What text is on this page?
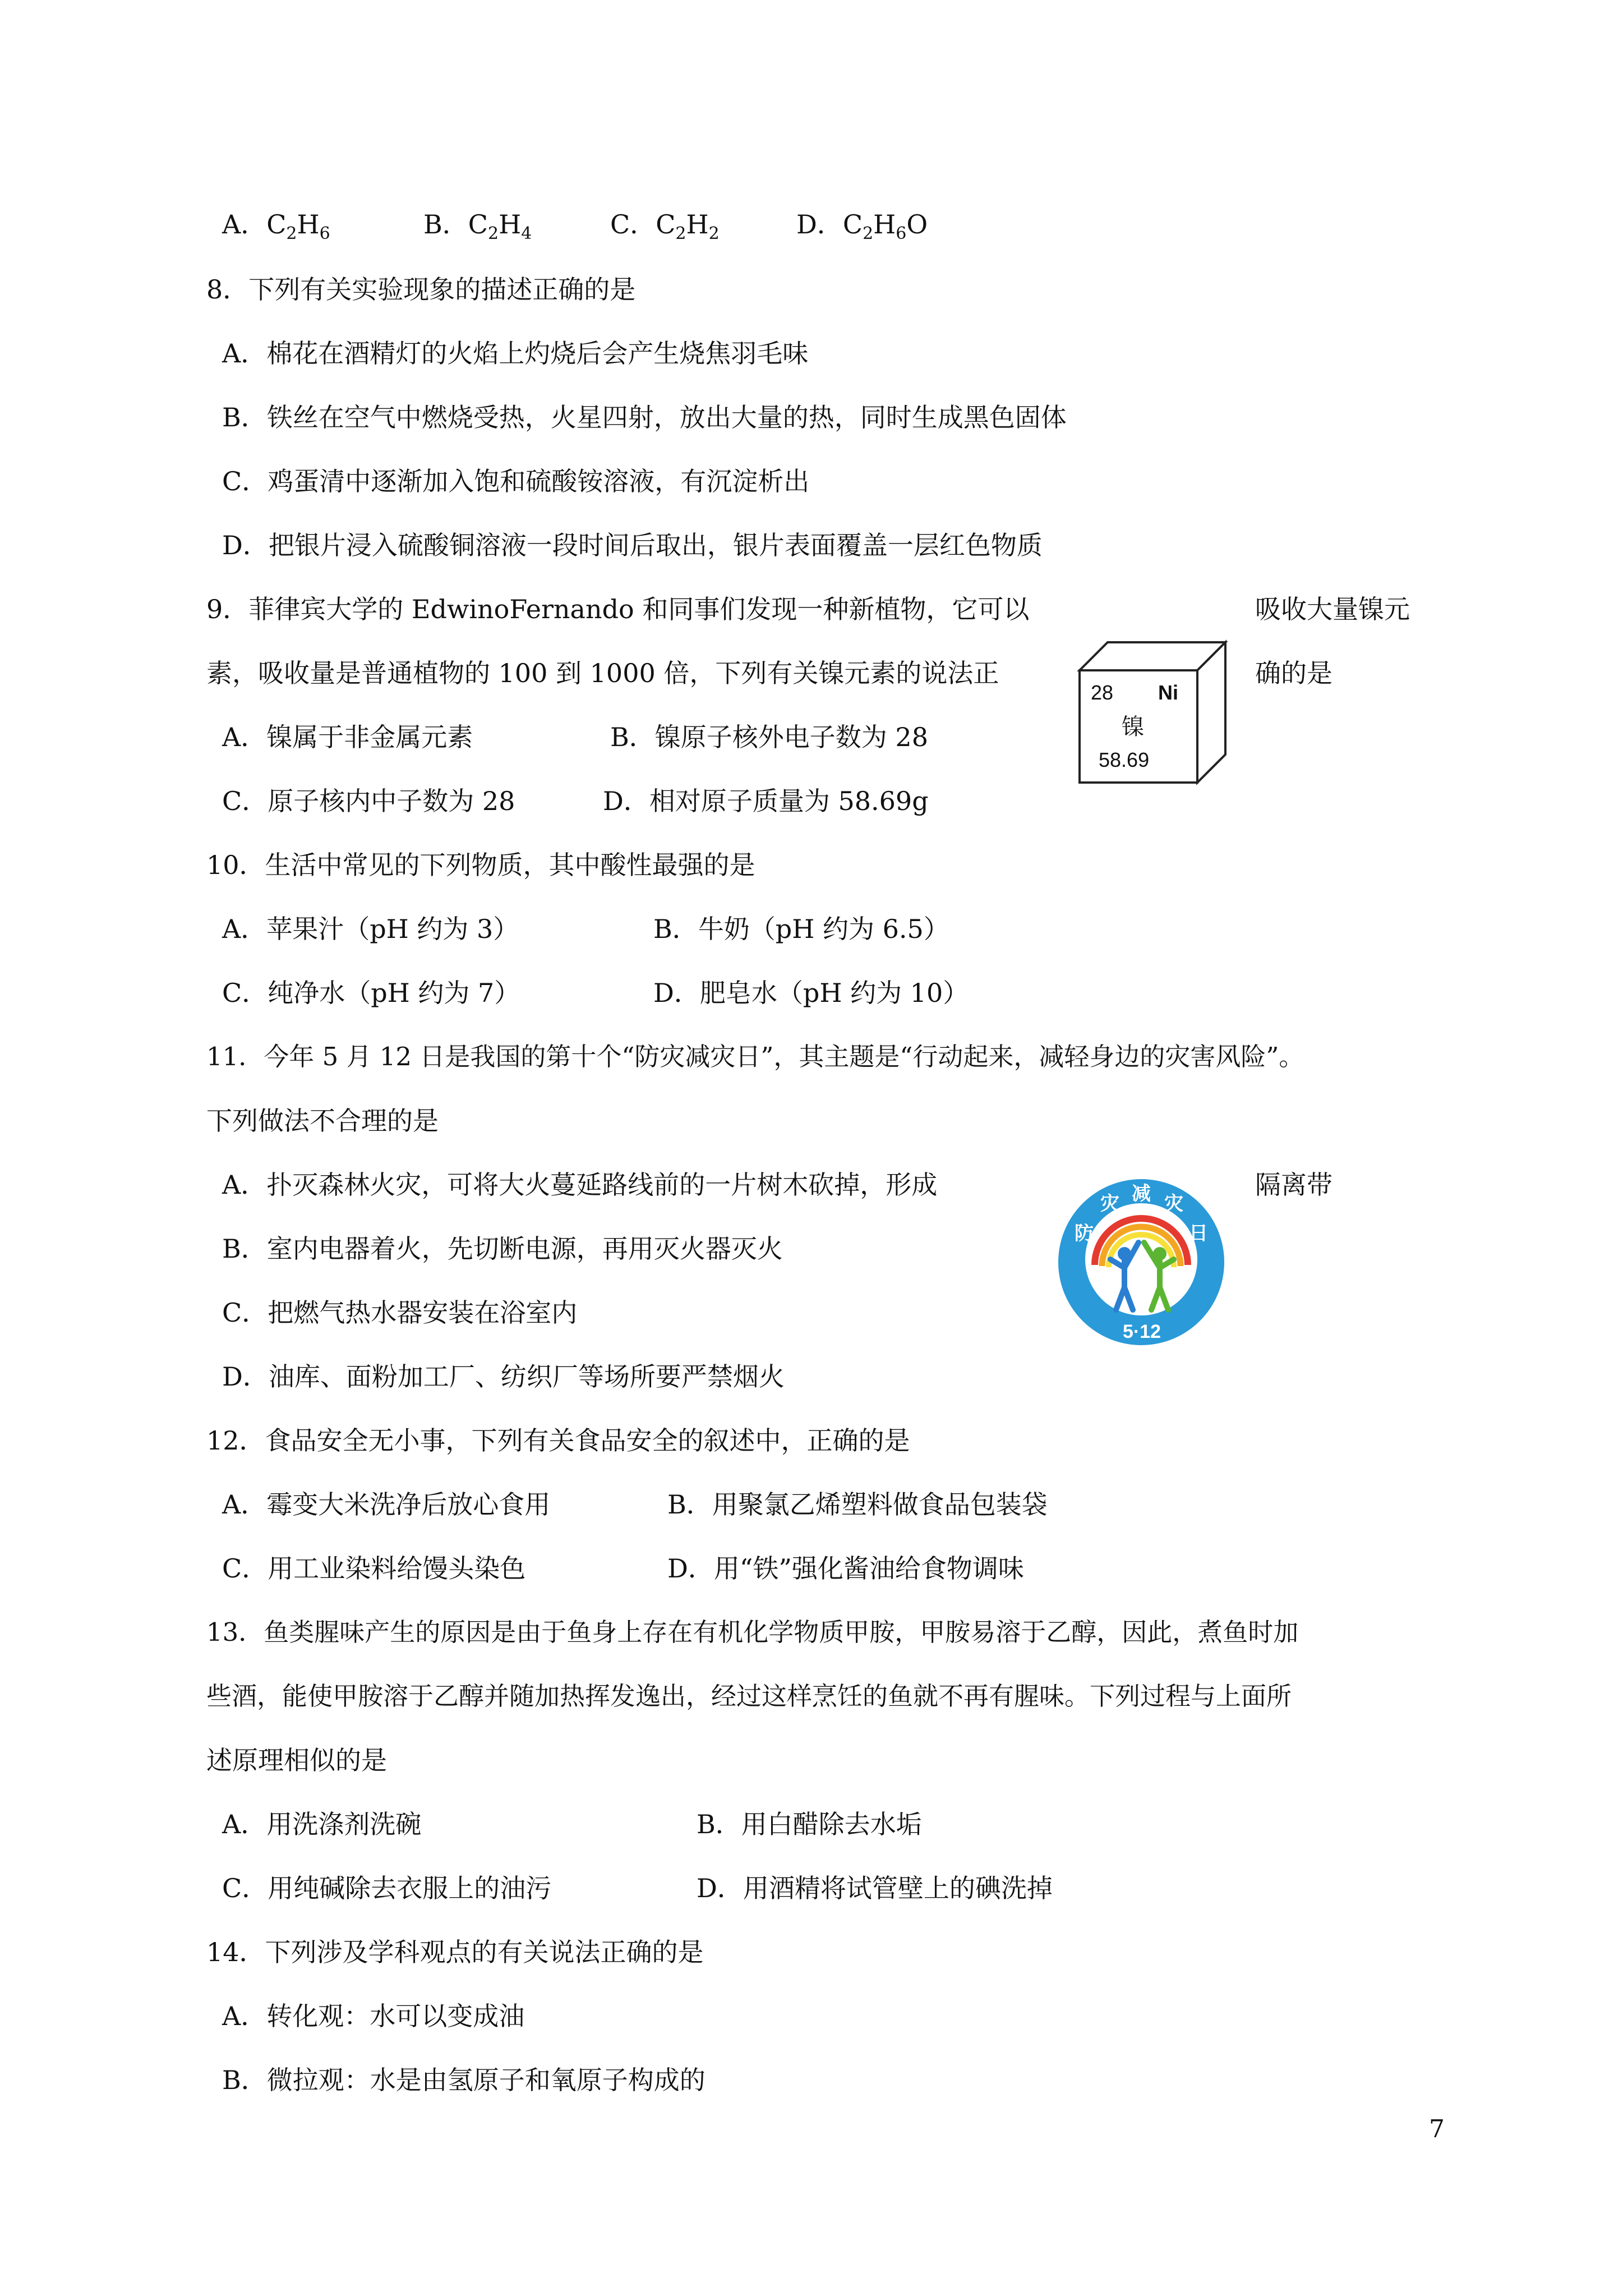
A．$C_2H_6$	B．$C_2H_4$	C．$C_2H_2$	D．$C_2H_6O$
8．下列有关实验现象的描述正确的是
A．棉花在酒精灯的火焰上灼烧后会产生烧焦羽毛味
B．铁丝在空气中燃烧受热，火星四射，放出大量的热，同时生成黑色固体
C．鸡蛋清中逐渐加入饱和硫酸铵溶液，有沉淀析出
D．把银片浸入硫酸铜溶液一段时间后取出，银片表面覆盖一层红色物质
9．菲律宾大学的 EdwinoFernando 和同事们发现一种新植物，它可以	吸收大量镍元
素，吸收量是普通植物的 100 到 1000 倍，下列有关镍元素的说法正	确的是
A．镍属于非金属元素	B．镍原子核外电子数为 28
C．原子核内中子数为 28	D．相对原子质量为 58.69g
28 Ni
镍
58.69
10．生活中常见的下列物质，其中酸性最强的是
A．苹果汁（pH 约为 3）	B．牛奶（pH 约为 6.5）
C．纯净水（pH 约为 7）	D．肥皂水（pH 约为 10）
11．今年 5 月 12 日是我国的第十个“防灾减灾日”，其主题是“行动起来，减轻身边的灾害风险”。
下列做法不合理的是
A．扑灭森林火灾，可将大火蔓延路线前的一片树木砍掉，形成	隔离带
B．室内电器着火，先切断电源，再用灭火器灭火
C．把燃气热水器安装在浴室内
D．油库、面粉加工厂、纺织厂等场所要严禁烟火
防
灾 减 灾
日
5·12
12．食品安全无小事，下列有关食品安全的叙述中，正确的是
A．霉变大米洗净后放心食用	B．用聚氯乙烯塑料做食品包装袋
C．用工业染料给馒头染色	D．用“铁”强化酱油给食物调味
13．鱼类腥味产生的原因是由于鱼身上存在有机化学物质甲胺，甲胺易溶于乙醇，因此，煮鱼时加
些酒，能使甲胺溶于乙醇并随加热挥发逸出，经过这样烹饪的鱼就不再有腥味。下列过程与上面所
述原理相似的是
A．用洗涤剂洗碗	B．用白醋除去水垢
C．用纯碱除去衣服上的油污	D．用酒精将试管壁上的碘洗掉
14．下列涉及学科观点的有关说法正确的是
A．转化观：水可以变成油
B．微拉观：水是由氢原子和氧原子构成的
7
